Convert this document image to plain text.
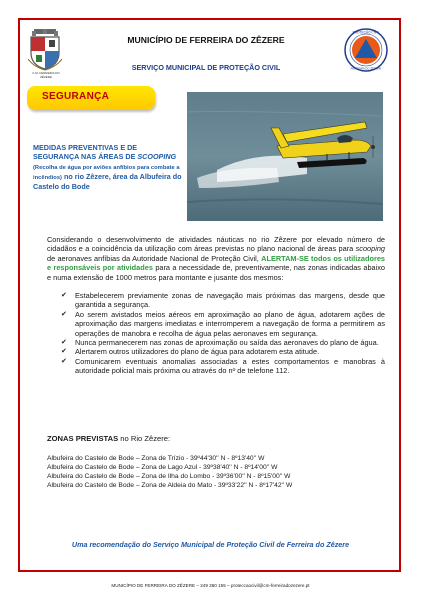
C.M. FERREIRA DO ZÊZERE
MUNICÍPIO DE FERREIRA DO ZÊZERE
SERVIÇO MUNICIPAL DE PROTEÇÃO CIVIL
PROTEÇÃO CIVIL
FERREIRA DO ZÊZERE
SEGURANÇA
MEDIDAS PREVENTIVAS E DE SEGURANÇA NAS ÁREAS DE SCOOPING (Recolha de água por aviões anfíbios para combate a incêndios) no rio Zêzere, área da Albufeira do Castelo do Bode
Considerando o desenvolvimento de atividades náuticas no rio Zêzere por elevado número de cidadãos e a coincidência da utilização com áreas previstas no plano nacional de áreas para scooping de aeronaves anfíbias da Autoridade Nacional de Proteção Civil, ALERTAM-SE todos os utilizadores e responsáveis por atividades para a necessidade de, preventivamente, nas zonas indicadas abaixo e numa extensão de 1000 metros para montante e jusante dos mesmos:
✔ Estabelecerem previamente zonas de navegação mais próximas das margens, desde que garantida a segurança.
✔ Ao serem avistados meios aéreos em aproximação ao plano de água, adotarem ações de aproximação das margens imediatas e interromperem a navegação de forma a permitirem as operações de manobra e recolha de água pelas aeronaves em segurança.
✔ Nunca permanecerem nas zonas de aproximação ou saída das aeronaves do plano de água.
✔ Alertarem outros utilizadores do plano de água para adotarem esta atitude.
✔ Comunicarem eventuais anomalias associadas a estes comportamentos e manobras à autoridade policial mais próxima ou através do nº de telefone 112.
ZONAS PREVISTAS no Rio Zêzere:
Albufeira do Castelo de Bode – Zona de Trízio - 39º44'30'' N - 8º13'40'' W
Albufeira do Castelo de Bode – Zona de Lago Azul - 39º38'40'' N - 8º14'00'' W
Albufeira do Castelo de Bode – Zona de Ilha do Lombo - 39º36'00'' N - 8º15'00'' W
Albufeira do Castelo de Bode – Zona de Aldeia do Mato - 39º33'22'' N - 8º17'42'' W
Uma recomendação do Serviço Municipal de Proteção Civil de Ferreira do Zêzere
MUNICÍPIO DE FERREIRA DO ZÊZERE – 249 360 155 – proteccaocivil@cm-ferreiradozezere.pt
